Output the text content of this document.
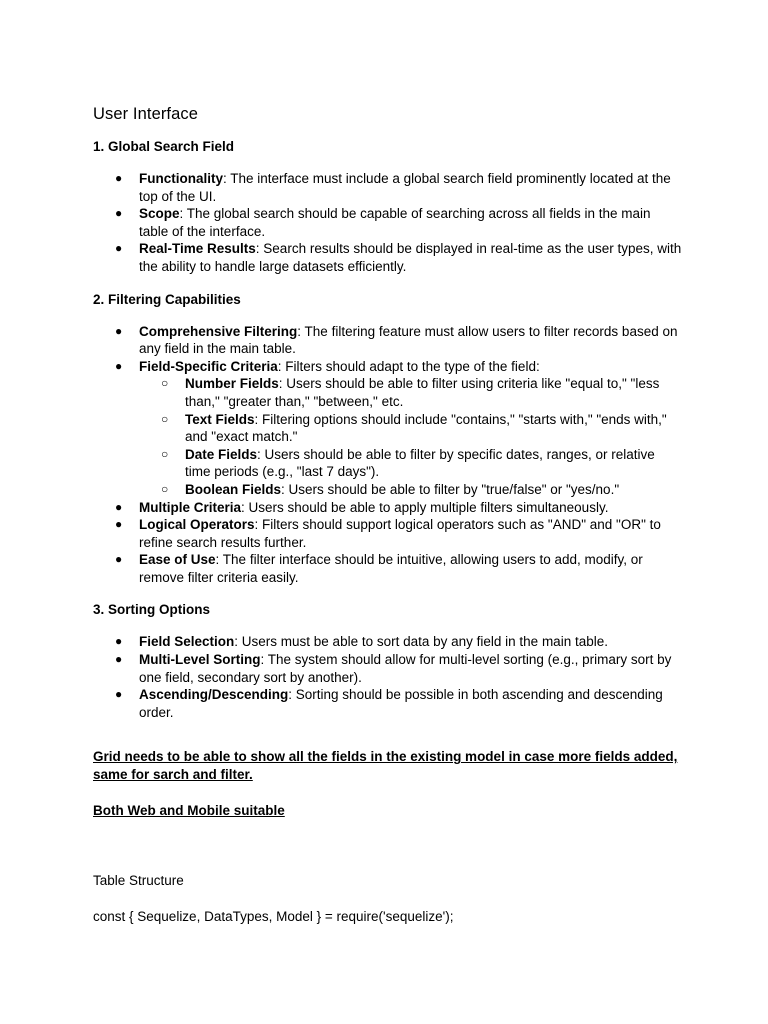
User Interface
1. Global Search Field
● Functionality: The interface must include a global search field prominently located at the top of the UI.
● Scope: The global search should be capable of searching across all fields in the main table of the interface.
● Real-Time Results: Search results should be displayed in real-time as the user types, with the ability to handle large datasets efficiently.
2. Filtering Capabilities
● Comprehensive Filtering: The filtering feature must allow users to filter records based on any field in the main table.
● Field-Specific Criteria: Filters should adapt to the type of the field:
○ Number Fields: Users should be able to filter using criteria like "equal to," "less than," "greater than," "between," etc.
○ Text Fields: Filtering options should include "contains," "starts with," "ends with," and "exact match."
○ Date Fields: Users should be able to filter by specific dates, ranges, or relative time periods (e.g., "last 7 days").
○ Boolean Fields: Users should be able to filter by "true/false" or "yes/no."
● Multiple Criteria: Users should be able to apply multiple filters simultaneously.
● Logical Operators: Filters should support logical operators such as "AND" and "OR" to refine search results further.
● Ease of Use: The filter interface should be intuitive, allowing users to add, modify, or remove filter criteria easily.
3. Sorting Options
● Field Selection: Users must be able to sort data by any field in the main table.
● Multi-Level Sorting: The system should allow for multi-level sorting (e.g., primary sort by one field, secondary sort by another).
● Ascending/Descending: Sorting should be possible in both ascending and descending order.

Grid needs to be able to show all the fields in the existing model in case more fields added, same for sarch and filter.

Both Web and Mobile suitable

Table Structure

const { Sequelize, DataTypes, Model } = require('sequelize');
